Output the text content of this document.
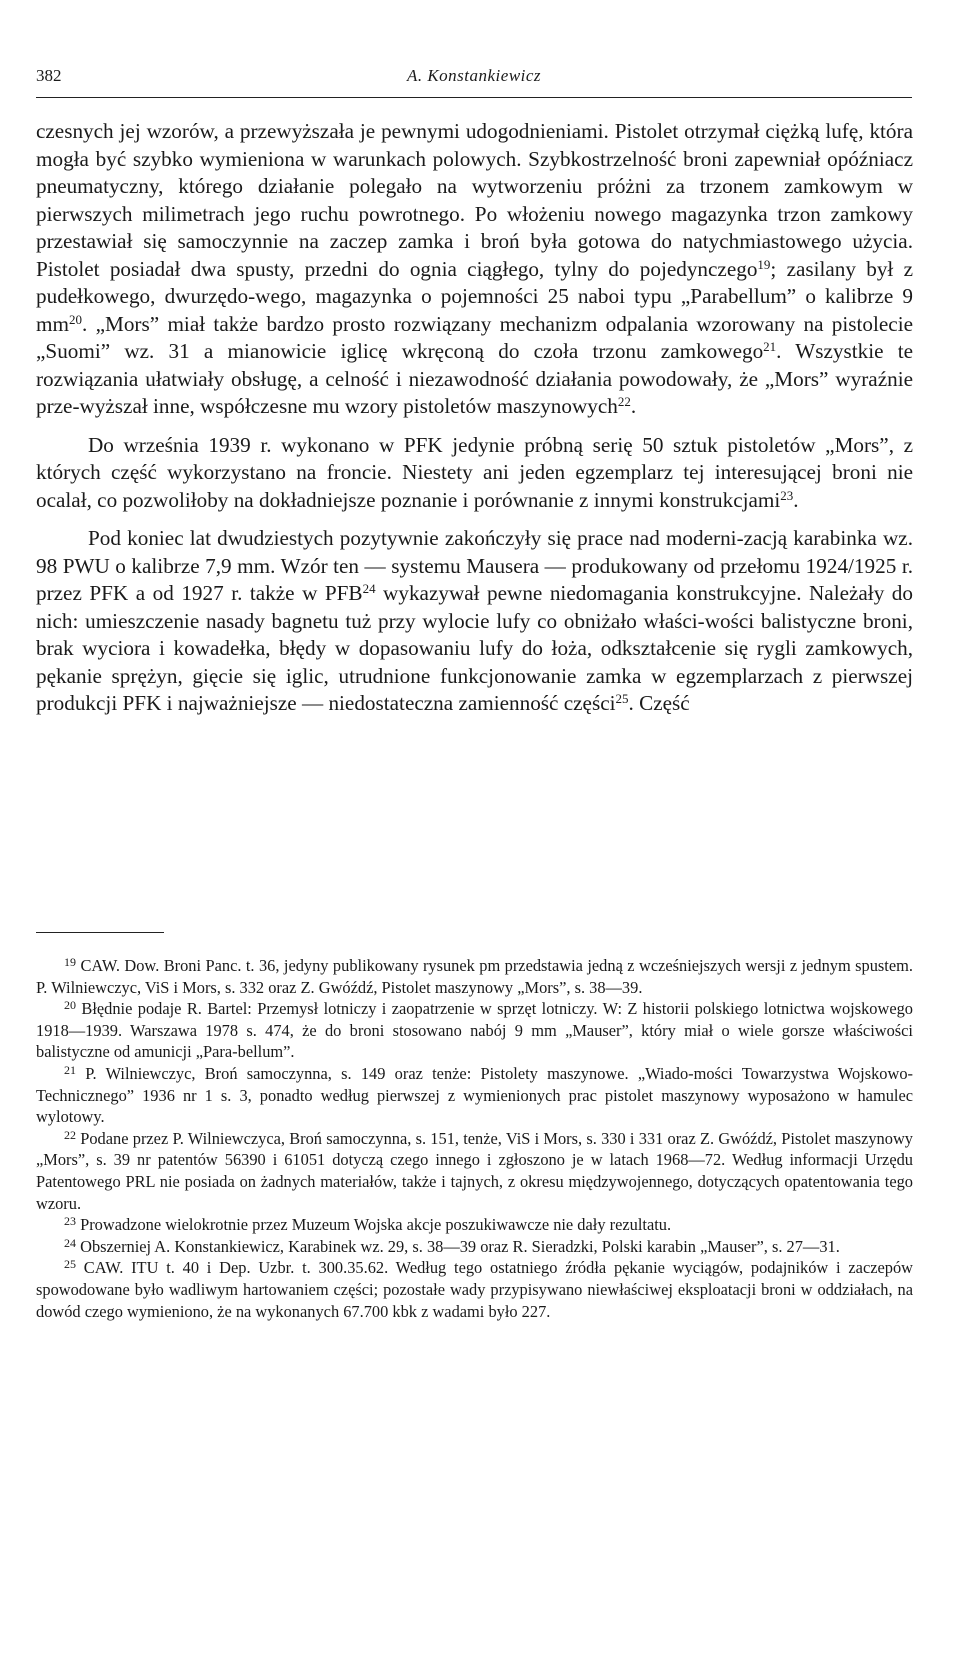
382	A. Konstankiewicz

czesnych jej wzorów, a przewyższała je pewnymi udogodnieniami. Pistolet otrzymał ciężką lufę, która mogła być szybko wymieniona w warunkach polowych. Szybkostrzelność broni zapewniał opóźniacz pneumatyczny, którego działanie polegało na wytworzeniu próżni za trzonem zamkowym w pierwszych milimetrach jego ruchu powrotnego. Po włożeniu nowego magazynka trzon zamkowy przestawiał się samoczynnie na zaczep zamka i broń była gotowa do natychmiastowego użycia. Pistolet posiadał dwa spusty, przedni do ognia ciągłego, tylny do pojedynczego$^{19}$; zasilany był z pudełkowego, dwurzędo-wego, magazynka o pojemności 25 naboi typu „Parabellum” o kalibrze 9 $mm^{20}$. „Mors” miał także bardzo prosto rozwiązany mechanizm odpalania wzorowany na pistolecie „Suomi” wz. 31 a mianowicie iglicę wkręconą do czoła trzonu zamkowego$^{21}$. Wszystkie te rozwiązania ułatwiały obsługę, a celność i niezawodność działania powodowały, że „Mors” wyraźnie prze-wyższał inne, współczesne mu wzory pistoletów maszynowych$^{22}$.

Do września 1939 r. wykonano w PFK jedynie próbną serię 50 sztuk pistoletów „Mors”, z których część wykorzystano na froncie. Niestety ani jeden egzemplarz tej interesującej broni nie ocalał, co pozwoliłoby na dokładniejsze poznanie i porównanie z innymi konstrukcjami$^{23}$.

Pod koniec lat dwudziestych pozytywnie zakończyły się prace nad moderni-zacją karabinka wz. 98 PWU o kalibrze 7,9 mm. Wzór ten — systemu Mausera — produkowany od przełomu 1924/1925 r. przez PFK a od 1927 r. także w PFB$^{24}$ wykazywał pewne niedomagania konstrukcyjne. Należały do nich: umieszczenie nasady bagnetu tuż przy wylocie lufy co obniżało właści-wości balistyczne broni, brak wyciora i kowadełka, błędy w dopasowaniu lufy do łoża, odkształcenie się rygli zamkowych, pękanie sprężyn, gięcie się iglic, utrudnione funkcjonowanie zamka w egzemplarzach z pierwszej produkcji PFK i najważniejsze — niedostateczna zamienność części$^{25}$. Część

$^{19}$ CAW. Dow. Broni Panc. t. 36, jedyny publikowany rysunek pm przedstawia jedną z wcześniejszych wersji z jednym spustem. P. Wilniewczyc, ViS i Mors, s. 332 oraz Z. Gwóźdź, Pistolet maszynowy „Mors”, s. 38—39.

$^{20}$ Błędnie podaje R. Bartel: Przemysł lotniczy i zaopatrzenie w sprzęt lotniczy. W: Z historii polskiego lotnictwa wojskowego 1918—1939. Warszawa 1978 s. 474, że do broni stosowano nabój 9 mm „Mauser”, który miał o wiele gorsze właściwości balistyczne od amunicji „Para-bellum”.

$^{21}$ P. Wilniewczyc, Broń samoczynna, s. 149 oraz tenże: Pistolety maszynowe. „Wiado-mości Towarzystwa Wojskowo-Technicznego” 1936 nr 1 s. 3, ponadto według pierwszej z wymienionych prac pistolet maszynowy wyposażono w hamulec wylotowy.

$^{22}$ Podane przez P. Wilniewczyca, Broń samoczynna, s. 151, tenże, ViS i Mors, s. 330 i 331 oraz Z. Gwóźdź, Pistolet maszynowy „Mors”, s. 39 nr patentów 56390 i 61051 dotyczą czego innego i zgłoszono je w latach 1968—72. Według informacji Urzędu Patentowego PRL nie posiada on żadnych materiałów, także i tajnych, z okresu międzywojennego, dotyczących opatentowania tego wzoru.

$^{23}$ Prowadzone wielokrotnie przez Muzeum Wojska akcje poszukiwawcze nie dały rezultatu.

$^{24}$ Obszerniej A. Konstankiewicz, Karabinek wz. 29, s. 38—39 oraz R. Sieradzki, Polski karabin „Mauser”, s. 27—31.

$^{25}$ CAW. ITU t. 40 i Dep. Uzbr. t. 300.35.62. Według tego ostatniego źródła pękanie wyciągów, podajników i zaczepów spowodowane było wadliwym hartowaniem części; pozostałe wady przypisywano niewłaściwej eksploatacji broni w oddziałach, na dowód czego wymieniono, że na wykonanych 67.700 kbk z wadami było 227.
